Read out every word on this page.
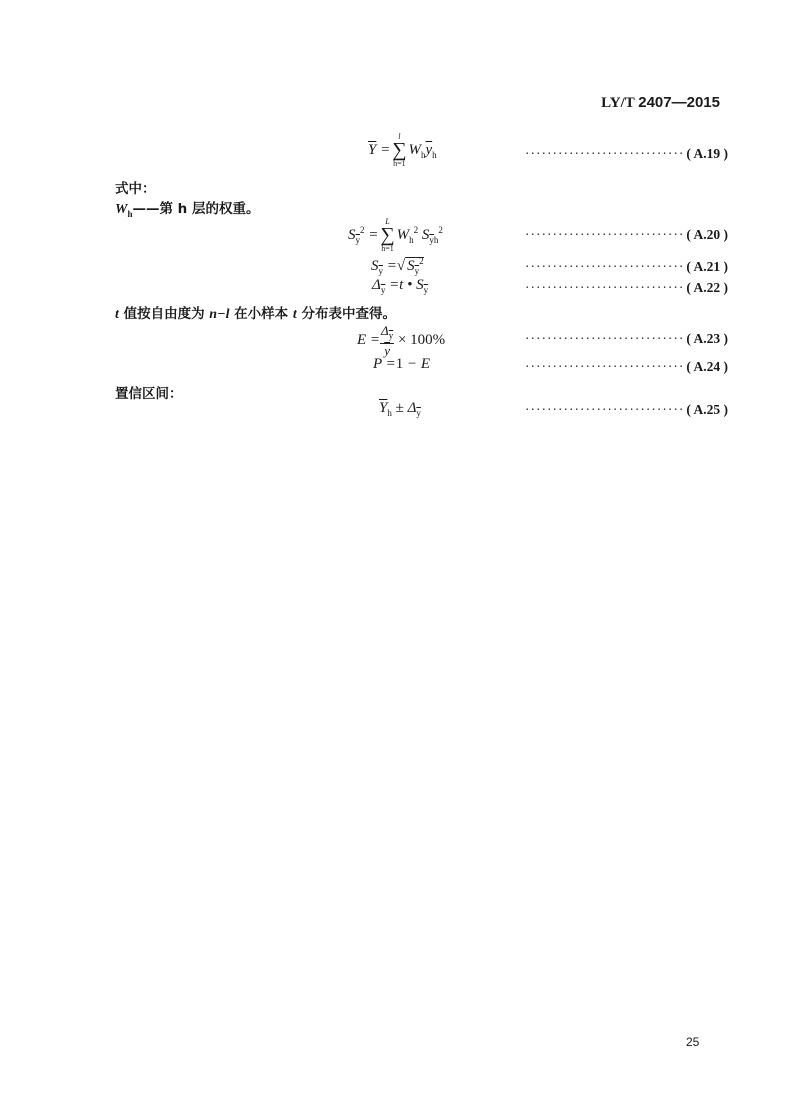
LY/T 2407—2015
$\overline{Y}$ =
l
∑
h=1
$W_h\overline{y}_h$	····························· ( A.19 )
式中：
$W_h——$第 h 层的权重。
$S_{\overline{y}}^2$ =
L
∑
h=1
$W_h^2$ $S_{\overline{y}h}^2$	····························· ( A.20 )
$S_{\overline{y}}$ =√ $S_{\overline{y}}^2$	····························· ( A.21 )
$\Delta_{\overline{y}} =t$ • $S_{\overline{y}}$	····························· ( A.22 )
t 值按自由度为 n−l 在小样本 t 分布表中查得。
$E = \frac{\Delta_{\overline{y}}}{y} \times 100\%$	····························· ( A.23 )
P =1 − E	····························· ( A.24 )
置信区间：
$\overline{Y}_h \pm \Delta_{\overline{y}}$	····························· ( A.25 )
25
